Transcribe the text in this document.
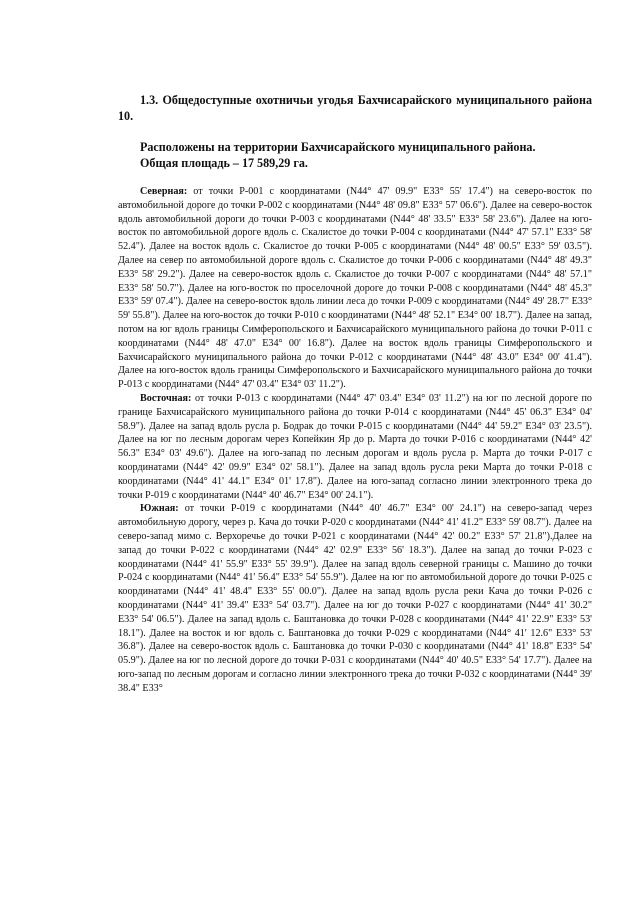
1.3. Общедоступные охотничьи угодья Бахчисарайского муниципального района 10.

Расположены на территории Бахчисарайского муниципального района.
Общая площадь – 17 589,29 га.

Северная: от точки Р-001 с координатами (N44° 47' 09.9" E33° 55' 17.4") на северо-восток по автомобильной дороге до точки Р-002 с координатами (N44° 48' 09.8" E33° 57' 06.6"). Далее на северо-восток вдоль автомобильной дороги до точки Р-003 с координатами (N44° 48' 33.5" E33° 58' 23.6"). Далее на юго-восток по автомобильной дороге вдоль с. Скалистое до точки Р-004 с координатами (N44° 47' 57.1" E33° 58' 52.4"). Далее на восток вдоль с. Скалистое до точки Р-005 с координатами (N44° 48' 00.5" E33° 59' 03.5"). Далее на север по автомобильной дороге вдоль с. Скалистое до точки Р-006 с координатами (N44° 48' 49.3" E33° 58' 29.2"). Далее на северо-восток вдоль с. Скалистое до точки Р-007 с координатами (N44° 48' 57.1" E33° 58' 50.7"). Далее на юго-восток по проселочной дороге до точки Р-008 с координатами (N44° 48' 45.3" E33° 59' 07.4"). Далее на северо-восток вдоль линии леса до точки Р-009 с координатами (N44° 49' 28.7" E33° 59' 55.8"). Далее на юго-восток до точки Р-010 с координатами (N44° 48' 52.1" E34° 00' 18.7"). Далее на запад, потом на юг вдоль границы Симферопольского и Бахчисарайского муниципального района до точки Р-011 с координатами (N44° 48' 47.0" E34° 00' 16.8"). Далее на восток вдоль границы Симферопольского и Бахчисарайского муниципального района до точки Р-012 с координатами (N44° 48' 43.0" E34° 00' 41.4"). Далее на юго-восток вдоль границы Симферопольского и Бахчисарайского муниципального района до точки Р-013 с координатами (N44° 47' 03.4" E34° 03' 11.2").

Восточная: от точки Р-013 с координатами (N44° 47' 03.4" E34° 03' 11.2") на юг по лесной дороге по границе Бахчисарайского муниципального района до точки Р-014 с координатами (N44° 45' 06.3" E34° 04' 58.9"). Далее на запад вдоль русла р. Бодрак до точки Р-015 с координатами (N44° 44' 59.2" E34° 03' 23.5"). Далее на юг по лесным дорогам через Копейкин Яр до р. Марта до точки Р-016 с координатами (N44° 42' 56.3" E34° 03' 49.6"). Далее на юго-запад по лесным дорогам и вдоль русла р. Марта до точки Р-017 с координатами (N44° 42' 09.9" E34° 02' 58.1"). Далее на запад вдоль русла реки Марта до точки Р-018 с координатами (N44° 41' 44.1" E34° 01' 17.8"). Далее на юго-запад согласно линии электронного трека до точки Р-019 с координатами (N44° 40' 46.7" E34° 00' 24.1").

Южная: от точки Р-019 с координатами (N44° 40' 46.7" E34° 00' 24.1") на северо-запад через автомобильную дорогу, через р. Кача до точки Р-020 с координатами (N44° 41' 41.2" E33° 59' 08.7"). Далее на северо-запад мимо с. Верхоречье до точки Р-021 с координатами (N44° 42' 00.2" E33° 57' 21.8").Далее на запад до точки Р-022 с координатами (N44° 42' 02.9" E33° 56' 18.3"). Далее на запад до точки Р-023 с координатами (N44° 41' 55.9" E33° 55' 39.9"). Далее на запад вдоль северной границы с. Машино до точки Р-024 с координатами (N44° 41' 56.4" E33° 54' 55.9"). Далее на юг по автомобильной дороге до точки Р-025 с координатами (N44° 41' 48.4" E33° 55' 00.0"). Далее на запад вдоль русла реки Кача до точки Р-026 с координатами (N44° 41' 39.4" E33° 54' 03.7"). Далее на юг до точки Р-027 с координатами (N44° 41' 30.2" E33° 54' 06.5"). Далее на запад вдоль с. Баштановка до точки Р-028 с координатами (N44° 41' 22.9" E33° 53' 18.1"). Далее на восток и юг вдоль с. Баштановка до точки Р-029 с координатами (N44° 41' 12.6" E33° 53' 36.8"). Далее на северо-восток вдоль с. Баштановка до точки Р-030 с координатами (N44° 41' 18.8" E33° 54' 05.9"). Далее на юг по лесной дороге до точки Р-031 с координатами (N44° 40' 40.5" E33° 54' 17.7"). Далее на юго-запад по лесным дорогам и согласно линии электронного трека до точки Р-032 с координатами (N44° 39' 38.4" E33°
